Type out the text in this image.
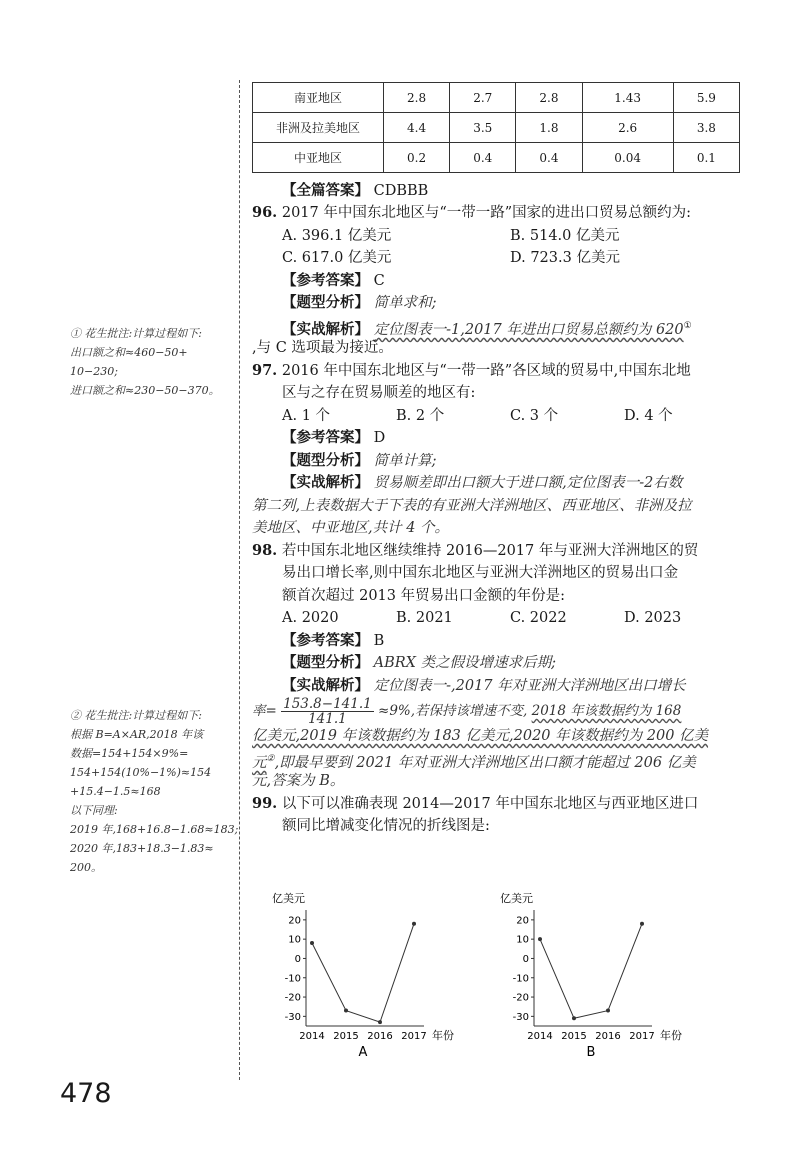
南亚地区	2.8	2.7	2.8	1.43	5.9
非洲及拉美地区	4.4	3.5	1.8	2.6	3.8
中亚地区	0.2	0.4	0.4	0.04	0.1
【全篇答案】 CDBBB
96. 2017 年中国东北地区与“一带一路”国家的进出口贸易总额约为:
A. 396.1 亿美元	B. 514.0 亿美元
C. 617.0 亿美元	D. 723.3 亿美元
【参考答案】 C
【题型分析】 简单求和;
【实战解析】 定位图表一-1,2017 年进出口贸易总额约为 620①
,与 C 选项最为接近。
97. 2016 年中国东北地区与“一带一路”各区域的贸易中,中国东北地
区与之存在贸易顺差的地区有:
A. 1 个	B. 2 个	C. 3 个	D. 4 个
【参考答案】 D
【题型分析】 简单计算;
【实战解析】 贸易顺差即出口额大于进口额,定位图表一-2右数
第二列,上表数据大于下表的有亚洲大洋洲地区、西亚地区、非洲及拉
美地区、中亚地区,共计 4 个。
98. 若中国东北地区继续维持 2016—2017 年与亚洲大洋洲地区的贸
易出口增长率,则中国东北地区与亚洲大洋洲地区的贸易出口金
额首次超过 2013 年贸易出口金额的年份是:
A. 2020	B. 2021	C. 2022	D. 2023
【参考答案】 B
【题型分析】 ABRX 类之假设增速求后期;
【实战解析】 定位图表一-,2017 年对亚洲大洋洲地区出口增长
率= $\frac{153.8-141.1}{141.1} \approx 9\%$,若保持该增速不变, 2018 年该数据约为 168
亿美元,2019 年该数据约为 183 亿美元,2020 年该数据约为 200 亿美
元②,即最早要到 2021 年对亚洲大洋洲地区出口额才能超过 206 亿美
元,答案为 B。
99. 以下可以准确表现 2014—2017 年中国东北地区与西亚地区进口
额同比增减变化情况的折线图是:
亿美元
20
10
0
-10
-20
-30
2014 2015 2016 2017 年份
A
亿美元
20
10
0
-10
-20
-30
2014 2015 2016 2017 年份
B
① 花生批注:计算过程如下:
出口额之和≈460−50+
10−230;
进口额之和≈230−50−370。
② 花生批注:计算过程如下:
根据 B=A×AR,2018 年该
数据=154+154×9%=
154+154(10%−1%)≈154
+15.4−1.5≈168
以下同理:
2019 年,168+16.8−1.68≈183;
2020 年,183+18.3−1.83≈
200。
478
